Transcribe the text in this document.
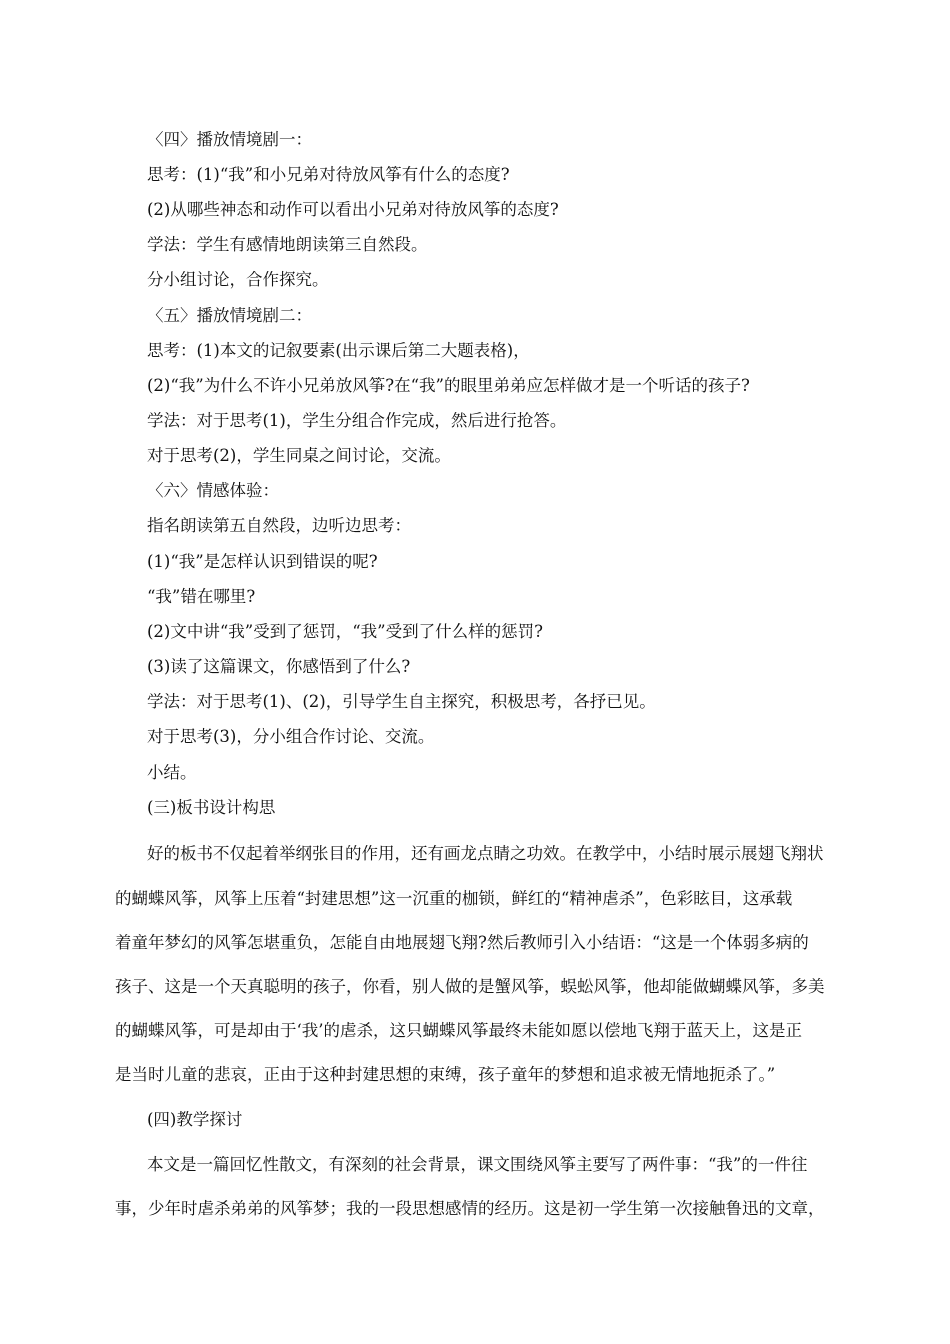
〈四〉播放情境剧一：
思考：(1)“我”和小兄弟对待放风筝有什么的态度?
(2)从哪些神态和动作可以看出小兄弟对待放风筝的态度?
学法：学生有感情地朗读第三自然段。
分小组讨论，合作探究。
〈五〉播放情境剧二：
思考：(1)本文的记叙要素(出示课后第二大题表格)，
(2)“我”为什么不许小兄弟放风筝?在“我”的眼里弟弟应怎样做才是一个听话的孩子?
学法：对于思考(1)，学生分组合作完成，然后进行抢答。
对于思考(2)，学生同桌之间讨论，交流。
〈六〉情感体验：
指名朗读第五自然段，边听边思考：
(1)“我”是怎样认识到错误的呢?
“我”错在哪里?
(2)文中讲“我”受到了惩罚，“我”受到了什么样的惩罚?
(3)读了这篇课文，你感悟到了什么?
学法：对于思考(1)、(2)，引导学生自主探究，积极思考，各抒已见。
对于思考(3)，分小组合作讨论、交流。
小结。
(三)板书设计构思
好的板书不仅起着举纲张目的作用，还有画龙点睛之功效。在教学中，小结时展示展翅飞翔状
的蝴蝶风筝，风筝上压着“封建思想”这一沉重的枷锁，鲜红的“精神虐杀”，色彩眩目，这承载
着童年梦幻的风筝怎堪重负，怎能自由地展翅飞翔?然后教师引入小结语：“这是一个体弱多病的
孩子、这是一个天真聪明的孩子，你看，别人做的是蟹风筝，蜈蚣风筝，他却能做蝴蝶风筝，多美
的蝴蝶风筝，可是却由于‘我’的虐杀，这只蝴蝶风筝最终未能如愿以偿地飞翔于蓝天上，这是正
是当时儿童的悲哀，正由于这种封建思想的束缚，孩子童年的梦想和追求被无情地扼杀了。”
(四)教学探讨
本文是一篇回忆性散文，有深刻的社会背景，课文围绕风筝主要写了两件事：“我”的一件往
事，少年时虐杀弟弟的风筝梦；我的一段思想感情的经历。这是初一学生第一次接触鲁迅的文章，
